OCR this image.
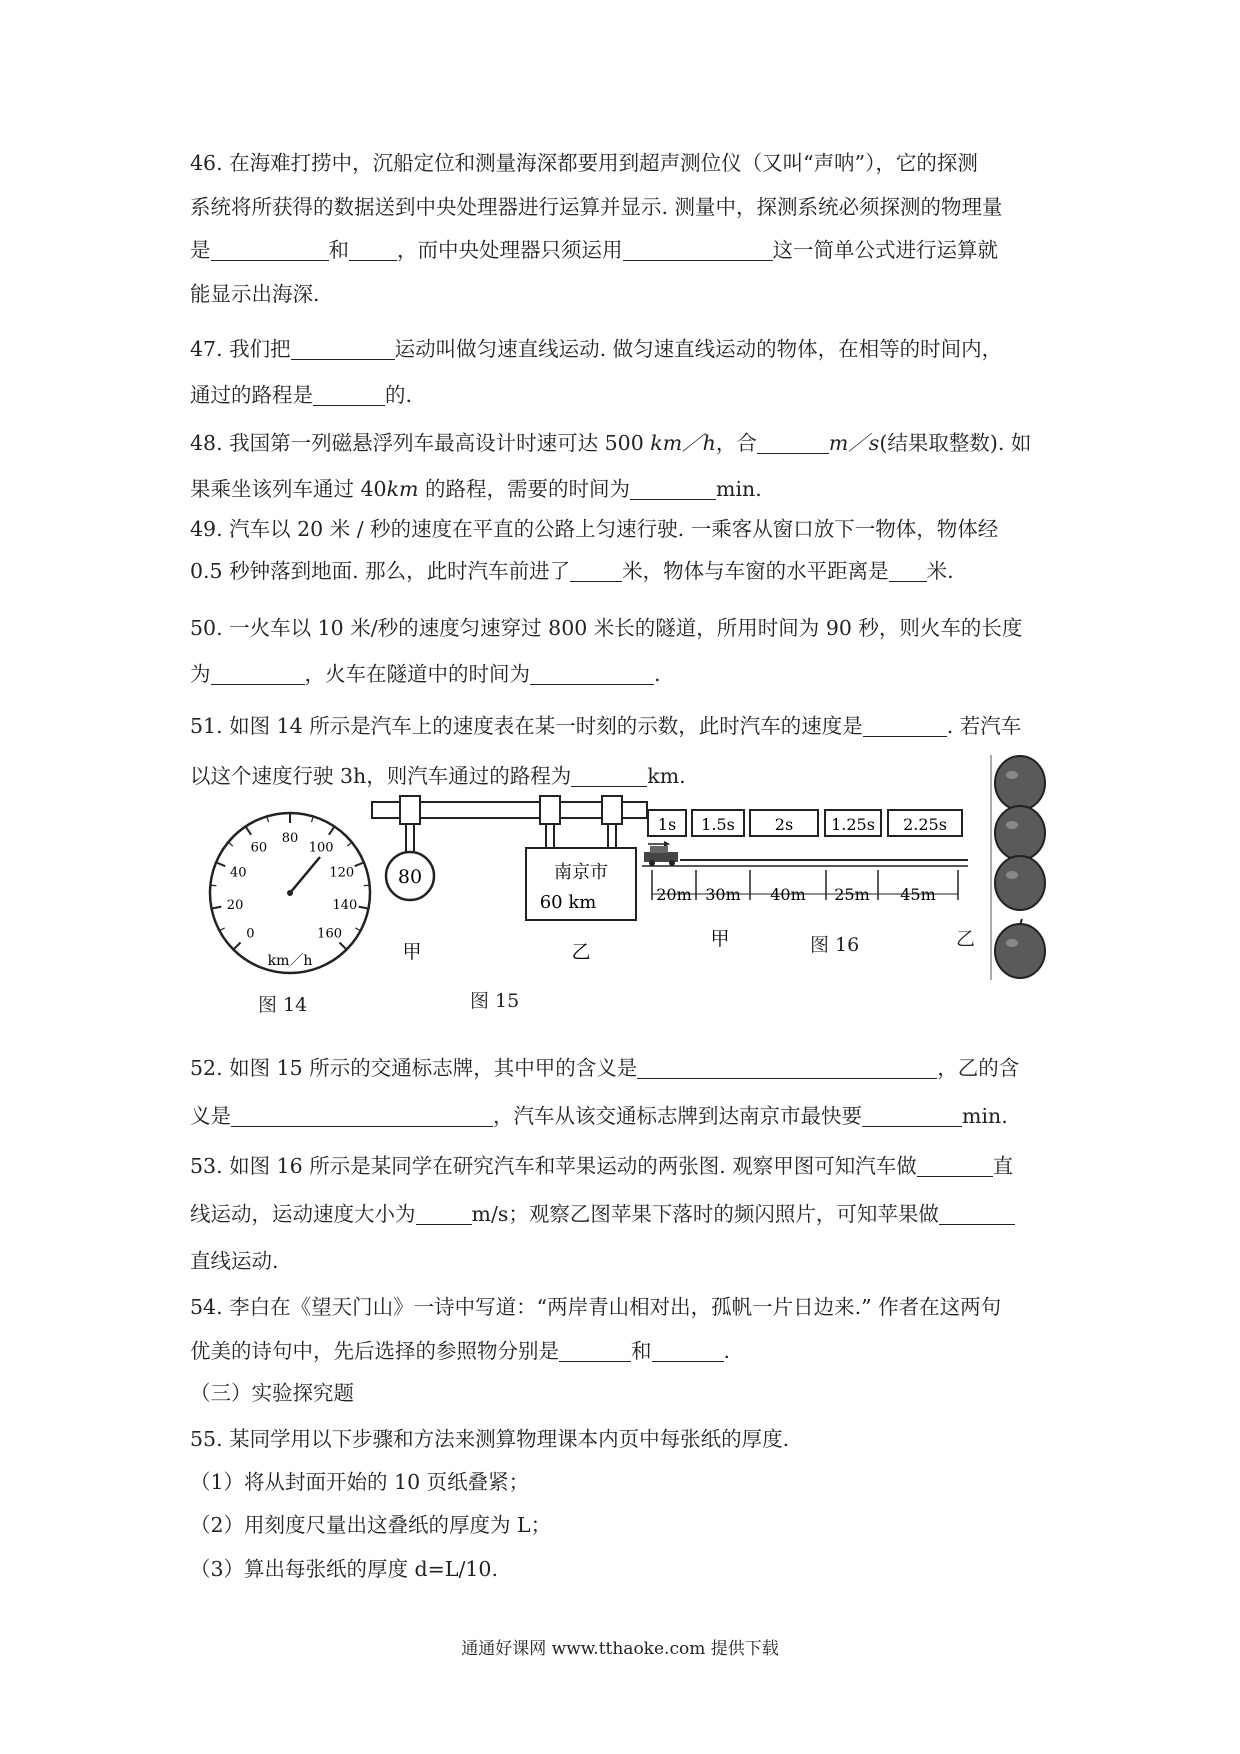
46. 在海难打捞中，沉船定位和测量海深都要用到超声测位仪（又叫“声呐”），它的探测
系统将所获得的数据送到中央处理器进行运算并显示. 测量中，探测系统必须探测的物理量
是	和 ，而中央处理器只须运用	这一简单公式进行运算就
能显示出海深.
47. 我们把	运动叫做匀速直线运动. 做匀速直线运动的物体，在相等的时间内，
通过的路程是	的.
48. 我国第一列磁悬浮列车最高设计时速可达 500 km／h，合	m／s(结果取整数). 如
果乘坐该列车通过 40km 的路程，需要的时间为	min.
49. 汽车以 20 米 / 秒的速度在平直的公路上匀速行驶. 一乘客从窗口放下一物体，物体经
0.5 秒钟落到地面. 那么，此时汽车前进了	米，物体与车窗的水平距离是 米.
50. 一火车以 10 米/秒的速度匀速穿过 800 米长的隧道，所用时间为 90 秒，则火车的长度
为	，火车在隧道中的时间为	.
51. 如图 14 所示是汽车上的速度表在某一时刻的示数，此时汽车的速度是	. 若汽车
以这个速度行驶 3h，则汽车通过的路程为	km.
0
20
40
60
80
100
120
140
160
km／h
图 14
80	南京市
60 km
甲	乙
图 15
1s 1.5s 2s 1.25s 2.25s
20m 30m 40m 25m 45m
甲	图 16	乙
52. 如图 15 所示的交通标志牌，其中甲的含义是	，乙的含
义是	，汽车从该交通标志牌到达南京市最快要	min.
53. 如图 16 所示是某同学在研究汽车和苹果运动的两张图. 观察甲图可知汽车做	直
线运动，运动速度大小为	m/s；观察乙图苹果下落时的频闪照片，可知苹果做
直线运动.
54. 李白在《望天门山》一诗中写道：“两岸青山相对出，孤帆一片日边来.” 作者在这两句
优美的诗句中，先后选择的参照物分别是	和	.
（三）实验探究题
55. 某同学用以下步骤和方法来测算物理课本内页中每张纸的厚度.
（1）将从封面开始的 10 页纸叠紧；
（2）用刻度尺量出这叠纸的厚度为 L；
（3）算出每张纸的厚度 d=L/10.
通通好课网 www.tthaoke.com 提供下载
